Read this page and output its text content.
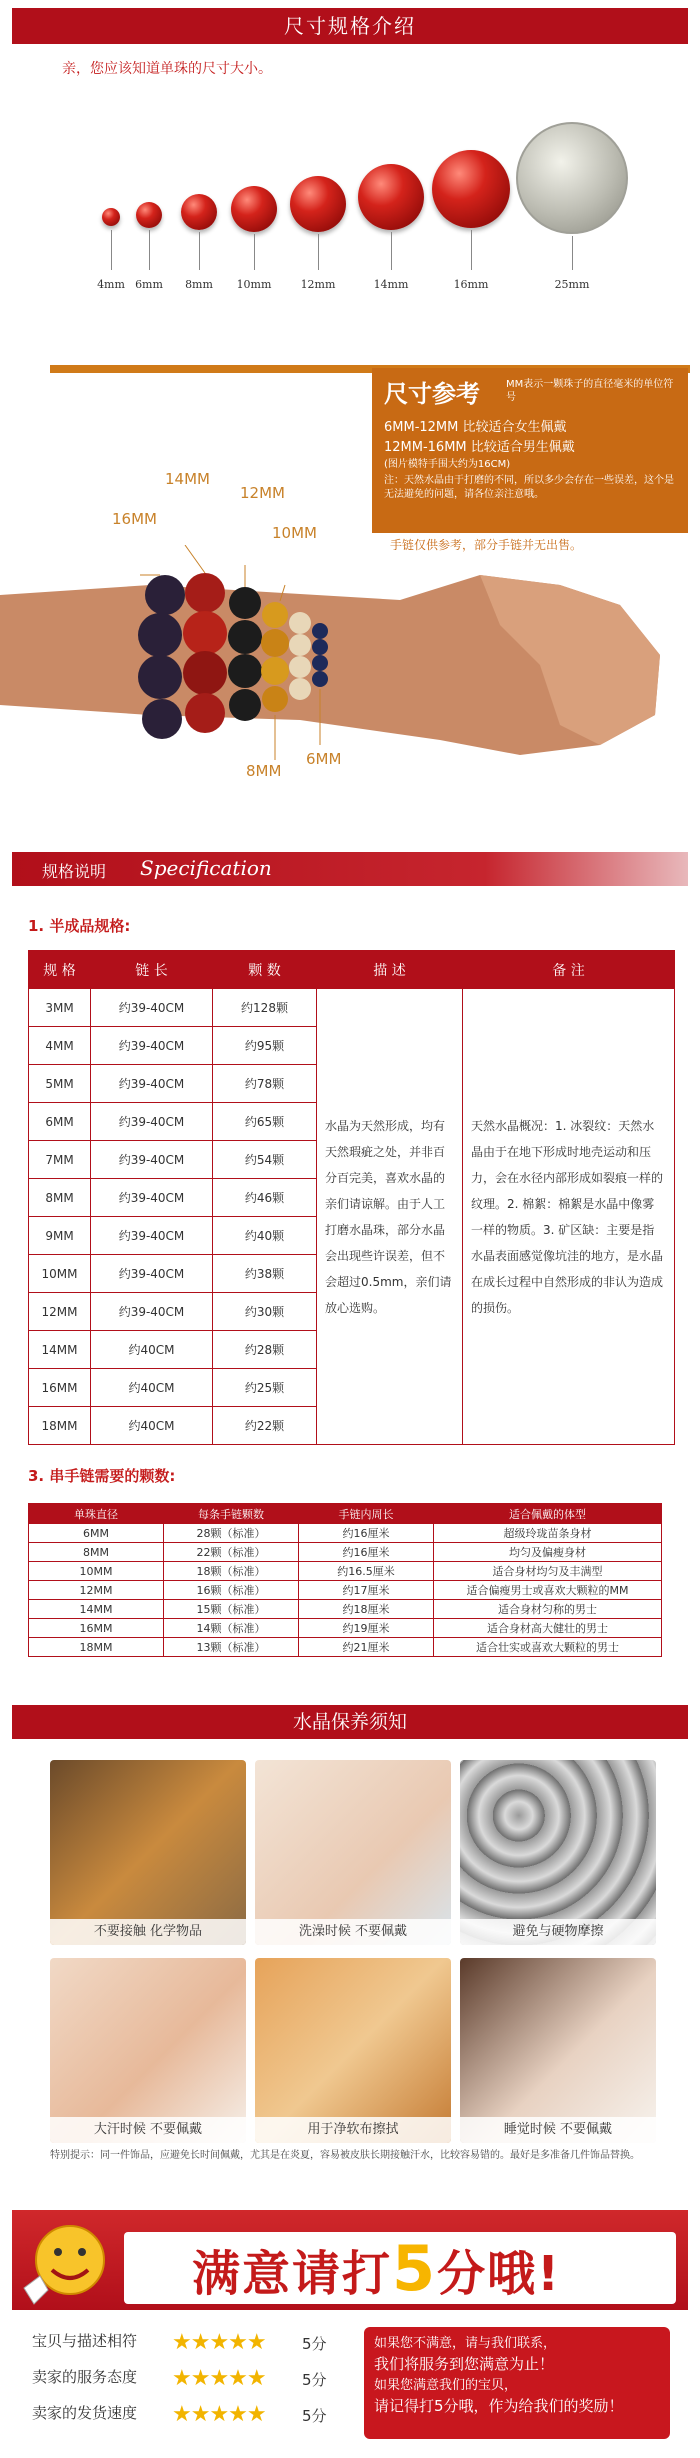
尺寸规格介绍
亲，您应该知道单珠的尺寸大小。
4mm 6mm	8mm	10mm	12mm	14mm	16mm	25mm
尺寸参考	MM表示一颗珠子的直径毫米的单位符号
6MM-12MM 比较适合女生佩戴
12MM-16MM 比较适合男生佩戴
(图片模特手围大约为16CM)
注：天然水晶由于打磨的不同，所以多少会存在一些误差，这个是无法避免的问题，请各位亲注意哦。
手链仅供参考，部分手链并无出售。
14MM
16MM
12MM
10MM
8MM
6MM
规格说明 Specification
1. 半成品规格:
规 格	链 长	颗 数	描 述	备 注
3MM	约39-40CM	约128颗	水晶为天然形成，均有天然瑕疵之处，并非百分百完美，喜欢水晶的亲们请谅解。由于人工打磨水晶珠，部分水晶会出现些许误差，但不会超过0.5mm，亲们请放心选购。	天然水晶概况：1. 冰裂纹：天然水晶由于在地下形成时地壳运动和压力，会在水径内部形成如裂痕一样的纹理。2. 棉絮：棉絮是水晶中像雾一样的物质。3. 矿区缺：主要是指水晶表面感觉像坑洼的地方，是水晶在成长过程中自然形成的非认为造成的损伤。
4MM	约39-40CM	约95颗		
5MM	约39-40CM	约78颗		
6MM	约39-40CM	约65颗		
7MM	约39-40CM	约54颗		
8MM	约39-40CM	约46颗		
9MM	约39-40CM	约40颗		
10MM	约39-40CM	约38颗		
12MM	约39-40CM	约30颗		
14MM	约40CM	约28颗		
16MM	约40CM	约25颗		
18MM	约40CM	约22颗		
3. 串手链需要的颗数:
单珠直径	每条手链颗数	手链内周长	适合佩戴的体型
6MM	28颗（标准）	约16厘米	超级玲珑苗条身材
8MM	22颗（标准）	约16厘米	均匀及偏瘦身材
10MM	18颗（标准）	约16.5厘米	适合身材均匀及丰满型
12MM	16颗（标准）	约17厘米	适合偏瘦男士或喜欢大颗粒的MM
14MM	15颗（标准）	约18厘米	适合身材匀称的男士
16MM	14颗（标准）	约19厘米	适合身材高大健壮的男士
18MM	13颗（标准）	约21厘米	适合壮实或喜欢大颗粒的男士
水晶保养须知
不要接触 化学物品	洗澡时候 不要佩戴	避免与硬物摩擦
大汗时候 不要佩戴	用于净软布擦拭	睡觉时候 不要佩戴
特别提示：同一件饰品，应避免长时间佩戴，尤其是在炎夏，容易被皮肤长期接触汗水，比较容易错的。最好是多准备几件饰品替换。
满意请打5分哦!
宝贝与描述相符 ★★★★★ 5分
卖家的服务态度 ★★★★★ 5分
卖家的发货速度 ★★★★★ 5分
如果您不满意，请与我们联系，
我们将服务到您满意为止！
如果您满意我们的宝贝，
请记得打5分哦，作为给我们的奖励！
